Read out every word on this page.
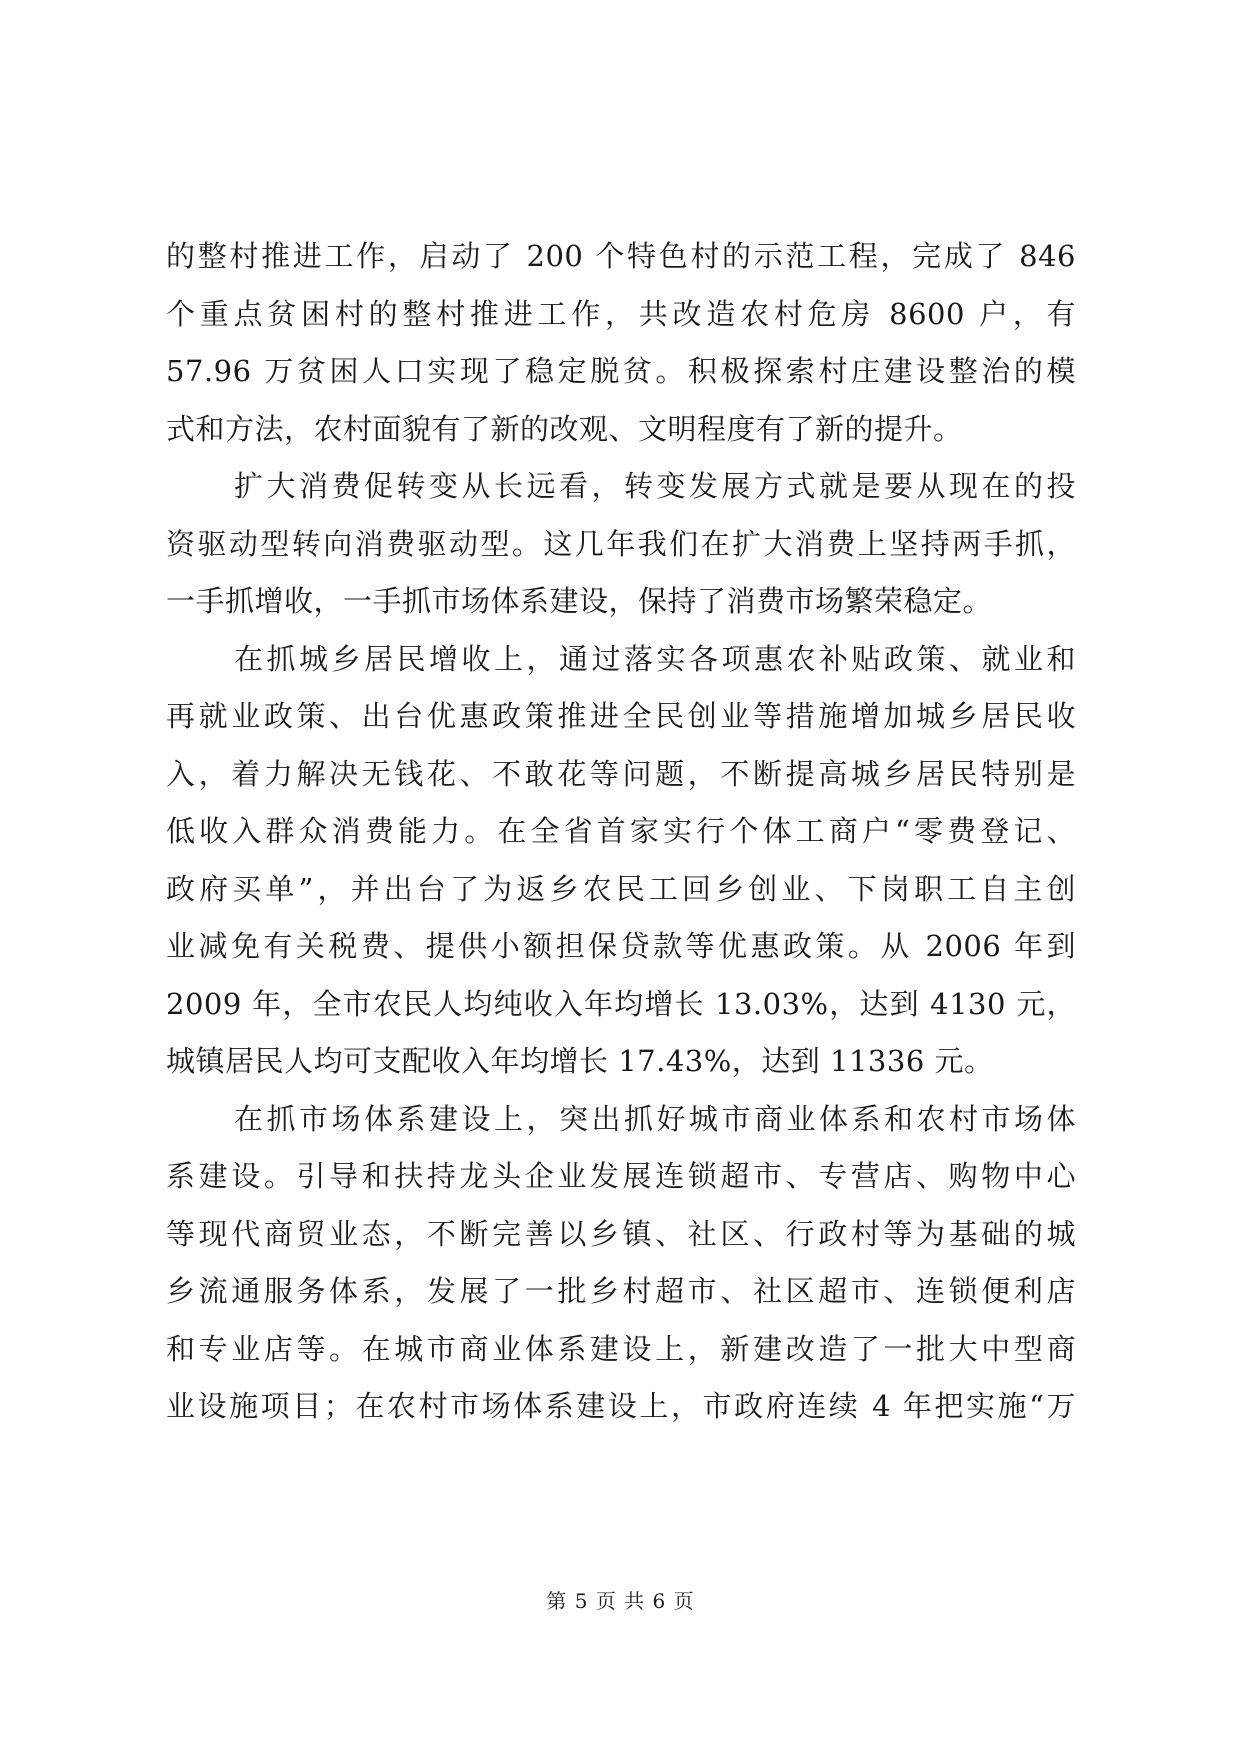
的整村推进工作，启动了 200 个特色村的示范工程，完成了 846
个重点贫困村的整村推进工作，共改造农村危房 8600 户，有
57.96 万贫困人口实现了稳定脱贫。积极探索村庄建设整治的模
式和方法，农村面貌有了新的改观、文明程度有了新的提升。
扩大消费促转变从长远看，转变发展方式就是要从现在的投
资驱动型转向消费驱动型。这几年我们在扩大消费上坚持两手抓，
一手抓增收，一手抓市场体系建设，保持了消费市场繁荣稳定。
在抓城乡居民增收上，通过落实各项惠农补贴政策、就业和
再就业政策、出台优惠政策推进全民创业等措施增加城乡居民收
入，着力解决无钱花、不敢花等问题，不断提高城乡居民特别是
低收入群众消费能力。在全省首家实行个体工商户“零费登记、
政府买单”，并出台了为返乡农民工回乡创业、下岗职工自主创
业减免有关税费、提供小额担保贷款等优惠政策。从 2006 年到
2009 年，全市农民人均纯收入年均增长 13.03%，达到 4130 元，
城镇居民人均可支配收入年均增长 17.43%，达到 11336 元。
在抓市场体系建设上，突出抓好城市商业体系和农村市场体
系建设。引导和扶持龙头企业发展连锁超市、专营店、购物中心
等现代商贸业态，不断完善以乡镇、社区、行政村等为基础的城
乡流通服务体系，发展了一批乡村超市、社区超市、连锁便利店
和专业店等。在城市商业体系建设上，新建改造了一批大中型商
业设施项目；在农村市场体系建设上，市政府连续 4 年把实施“万
第 5 页 共 6 页
